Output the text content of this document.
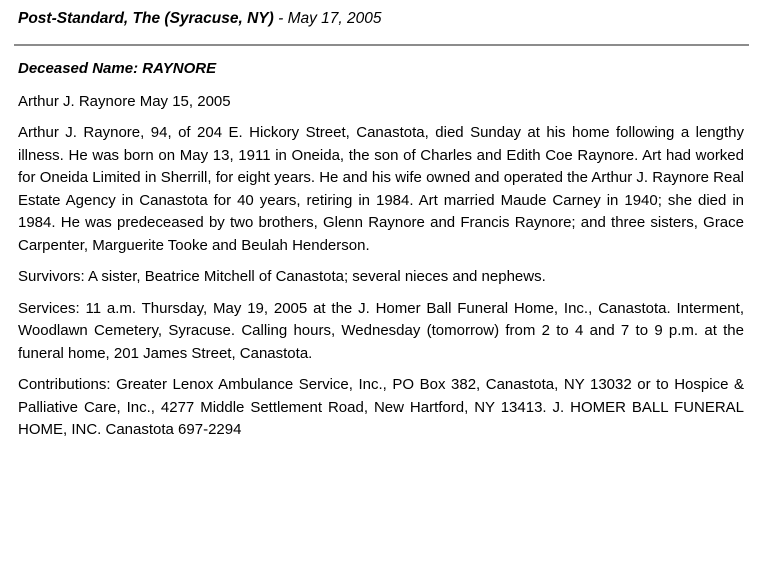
Post-Standard, The (Syracuse, NY) - May 17, 2005
Deceased Name: RAYNORE

Arthur J. Raynore May 15, 2005

Arthur J. Raynore, 94, of 204 E. Hickory Street, Canastota, died Sunday at his home following a lengthy illness. He was born on May 13, 1911 in Oneida, the son of Charles and Edith Coe Raynore. Art had worked for Oneida Limited in Sherrill, for eight years. He and his wife owned and operated the Arthur J. Raynore Real Estate Agency in Canastota for 40 years, retiring in 1984. Art married Maude Carney in 1940; she died in 1984. He was predeceased by two brothers, Glenn Raynore and Francis Raynore; and three sisters, Grace Carpenter, Marguerite Tooke and Beulah Henderson.

Survivors: A sister, Beatrice Mitchell of Canastota; several nieces and nephews.

Services: 11 a.m. Thursday, May 19, 2005 at the J. Homer Ball Funeral Home, Inc., Canastota. Interment, Woodlawn Cemetery, Syracuse. Calling hours, Wednesday (tomorrow) from 2 to 4 and 7 to 9 p.m. at the funeral home, 201 James Street, Canastota.

Contributions: Greater Lenox Ambulance Service, Inc., PO Box 382, Canastota, NY 13032 or to Hospice & Palliative Care, Inc., 4277 Middle Settlement Road, New Hartford, NY 13413. J. HOMER BALL FUNERAL HOME, INC. Canastota 697-2294
